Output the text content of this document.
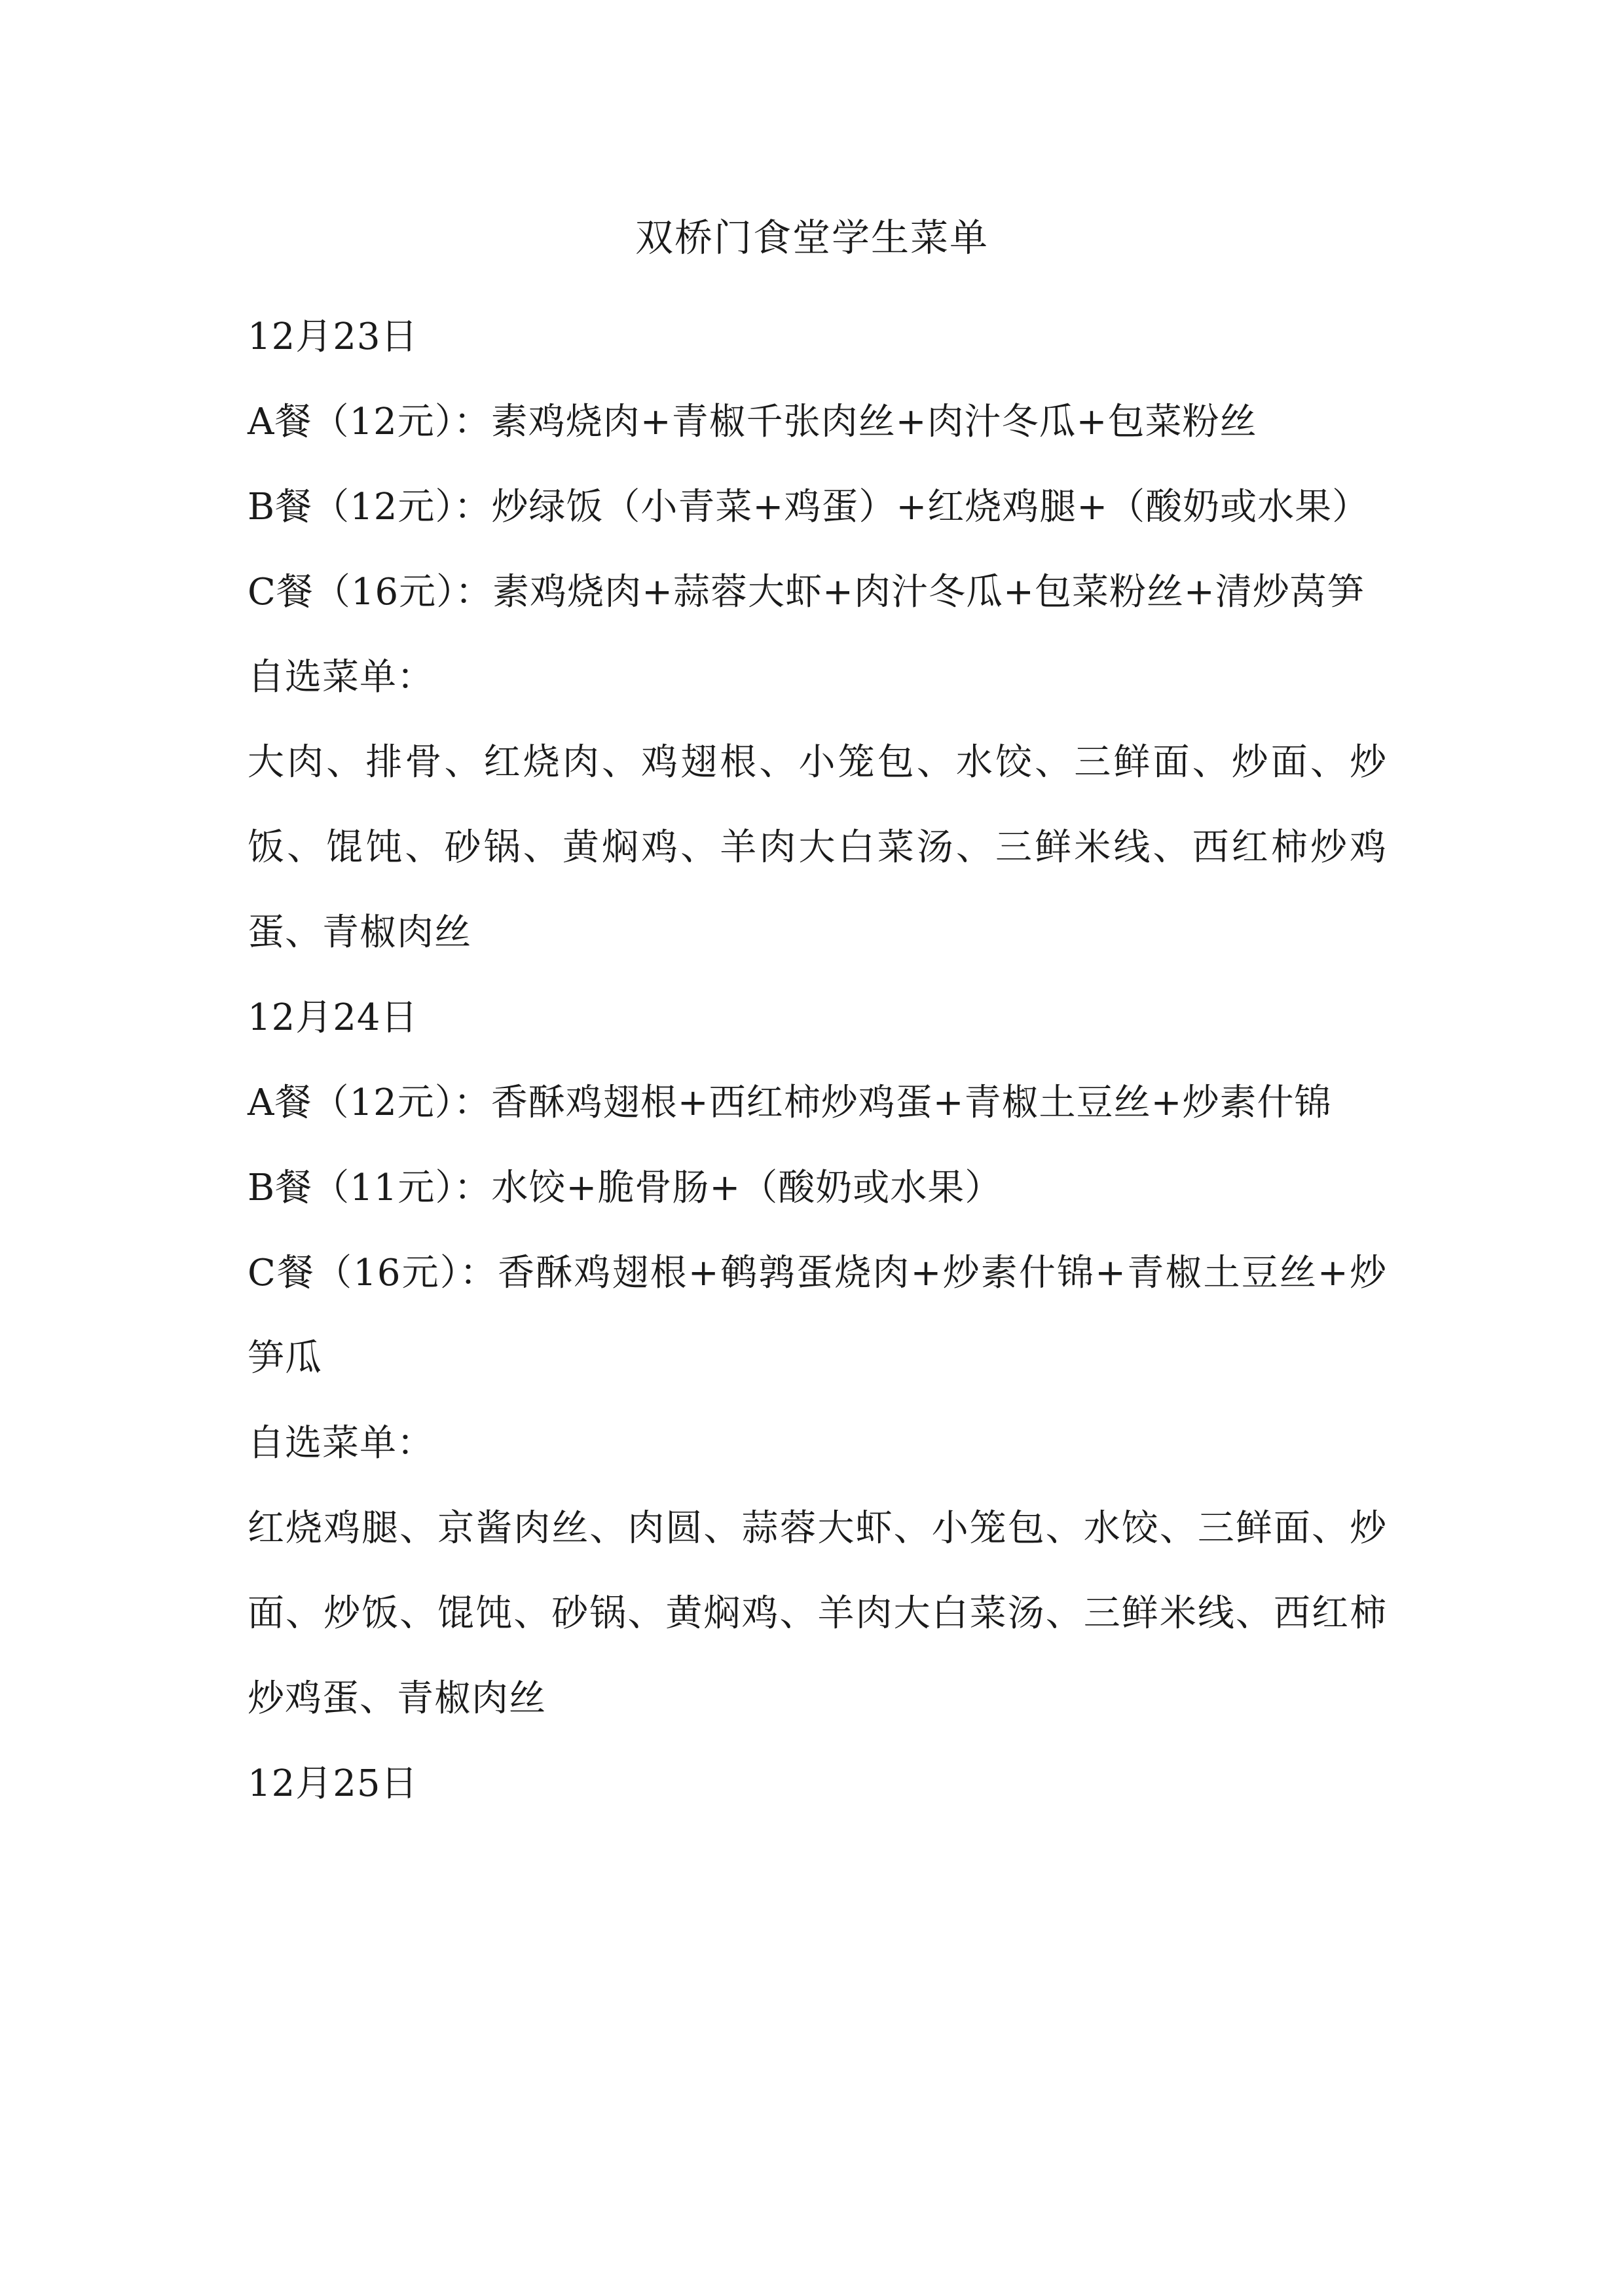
双桥门食堂学生菜单
12月23日
A餐（12元）：素鸡烧肉+青椒千张肉丝+肉汁冬瓜+包菜粉丝
B餐（12元）：炒绿饭（小青菜+鸡蛋）+红烧鸡腿+（酸奶或水果）
C餐（16元）：素鸡烧肉+蒜蓉大虾+肉汁冬瓜+包菜粉丝+清炒莴笋
自选菜单：
大肉、排骨、红烧肉、鸡翅根、小笼包、水饺、三鲜面、炒面、炒饭、馄饨、砂锅、黄焖鸡、羊肉大白菜汤、三鲜米线、西红柿炒鸡蛋、青椒肉丝
12月24日
A餐（12元）：香酥鸡翅根+西红柿炒鸡蛋+青椒土豆丝+炒素什锦
B餐（11元）：水饺+脆骨肠+（酸奶或水果）
C餐（16元）：香酥鸡翅根+鹌鹑蛋烧肉+炒素什锦+青椒土豆丝+炒笋瓜
自选菜单：
红烧鸡腿、京酱肉丝、肉圆、蒜蓉大虾、小笼包、水饺、三鲜面、炒面、炒饭、馄饨、砂锅、黄焖鸡、羊肉大白菜汤、三鲜米线、西红柿炒鸡蛋、青椒肉丝
12月25日
